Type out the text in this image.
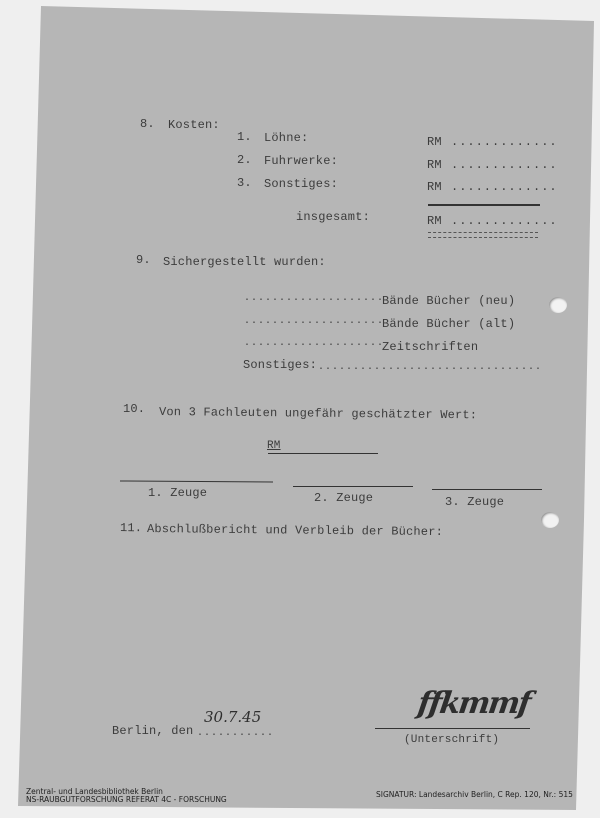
8. Kosten:
1. Löhne:	RM .............
2. Fuhrwerke:	RM .............
3. Sonstiges:	RM .............
insgesamt:	RM .............
9. Sichergestellt wurden:
....................
Bände Bücher (neu)
....................
Bände Bücher (alt)
....................
Zeitschriften
Sonstiges: ................................
10. Von 3 Fachleuten ungefähr geschätzter Wert:
RM
1. Zeuge	2. Zeuge	3. Zeuge
11. Abschlußbericht und Verbleib der Bücher:
Berlin, den ...........
30.7.45	ffkmmf
(Unterschrift)
Zentral- und Landesbibliothek Berlin
NS-RAUBGUTFORSCHUNG REFERAT 4C - FORSCHUNG
SIGNATUR: Landesarchiv Berlin, C Rep. 120, Nr.: 515
